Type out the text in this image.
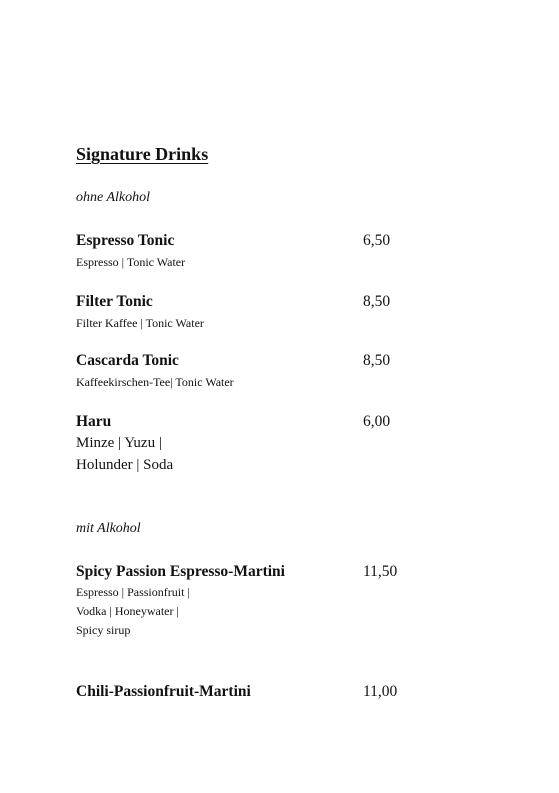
Signature Drinks
ohne Alkohol
Espresso Tonic	6,50
Espresso | Tonic Water
Filter Tonic	8,50
Filter Kaffee | Tonic Water
Cascarda Tonic	8,50
Kaffeekirschen-Tee| Tonic Water
Haru	6,00
Minze | Yuzu |
Holunder | Soda
mit Alkohol
Spicy Passion Espresso-Martini	11,50
Espresso | Passionfruit |
Vodka | Honeywater |
Spicy sirup
Chili-Passionfruit-Martini	11,00
